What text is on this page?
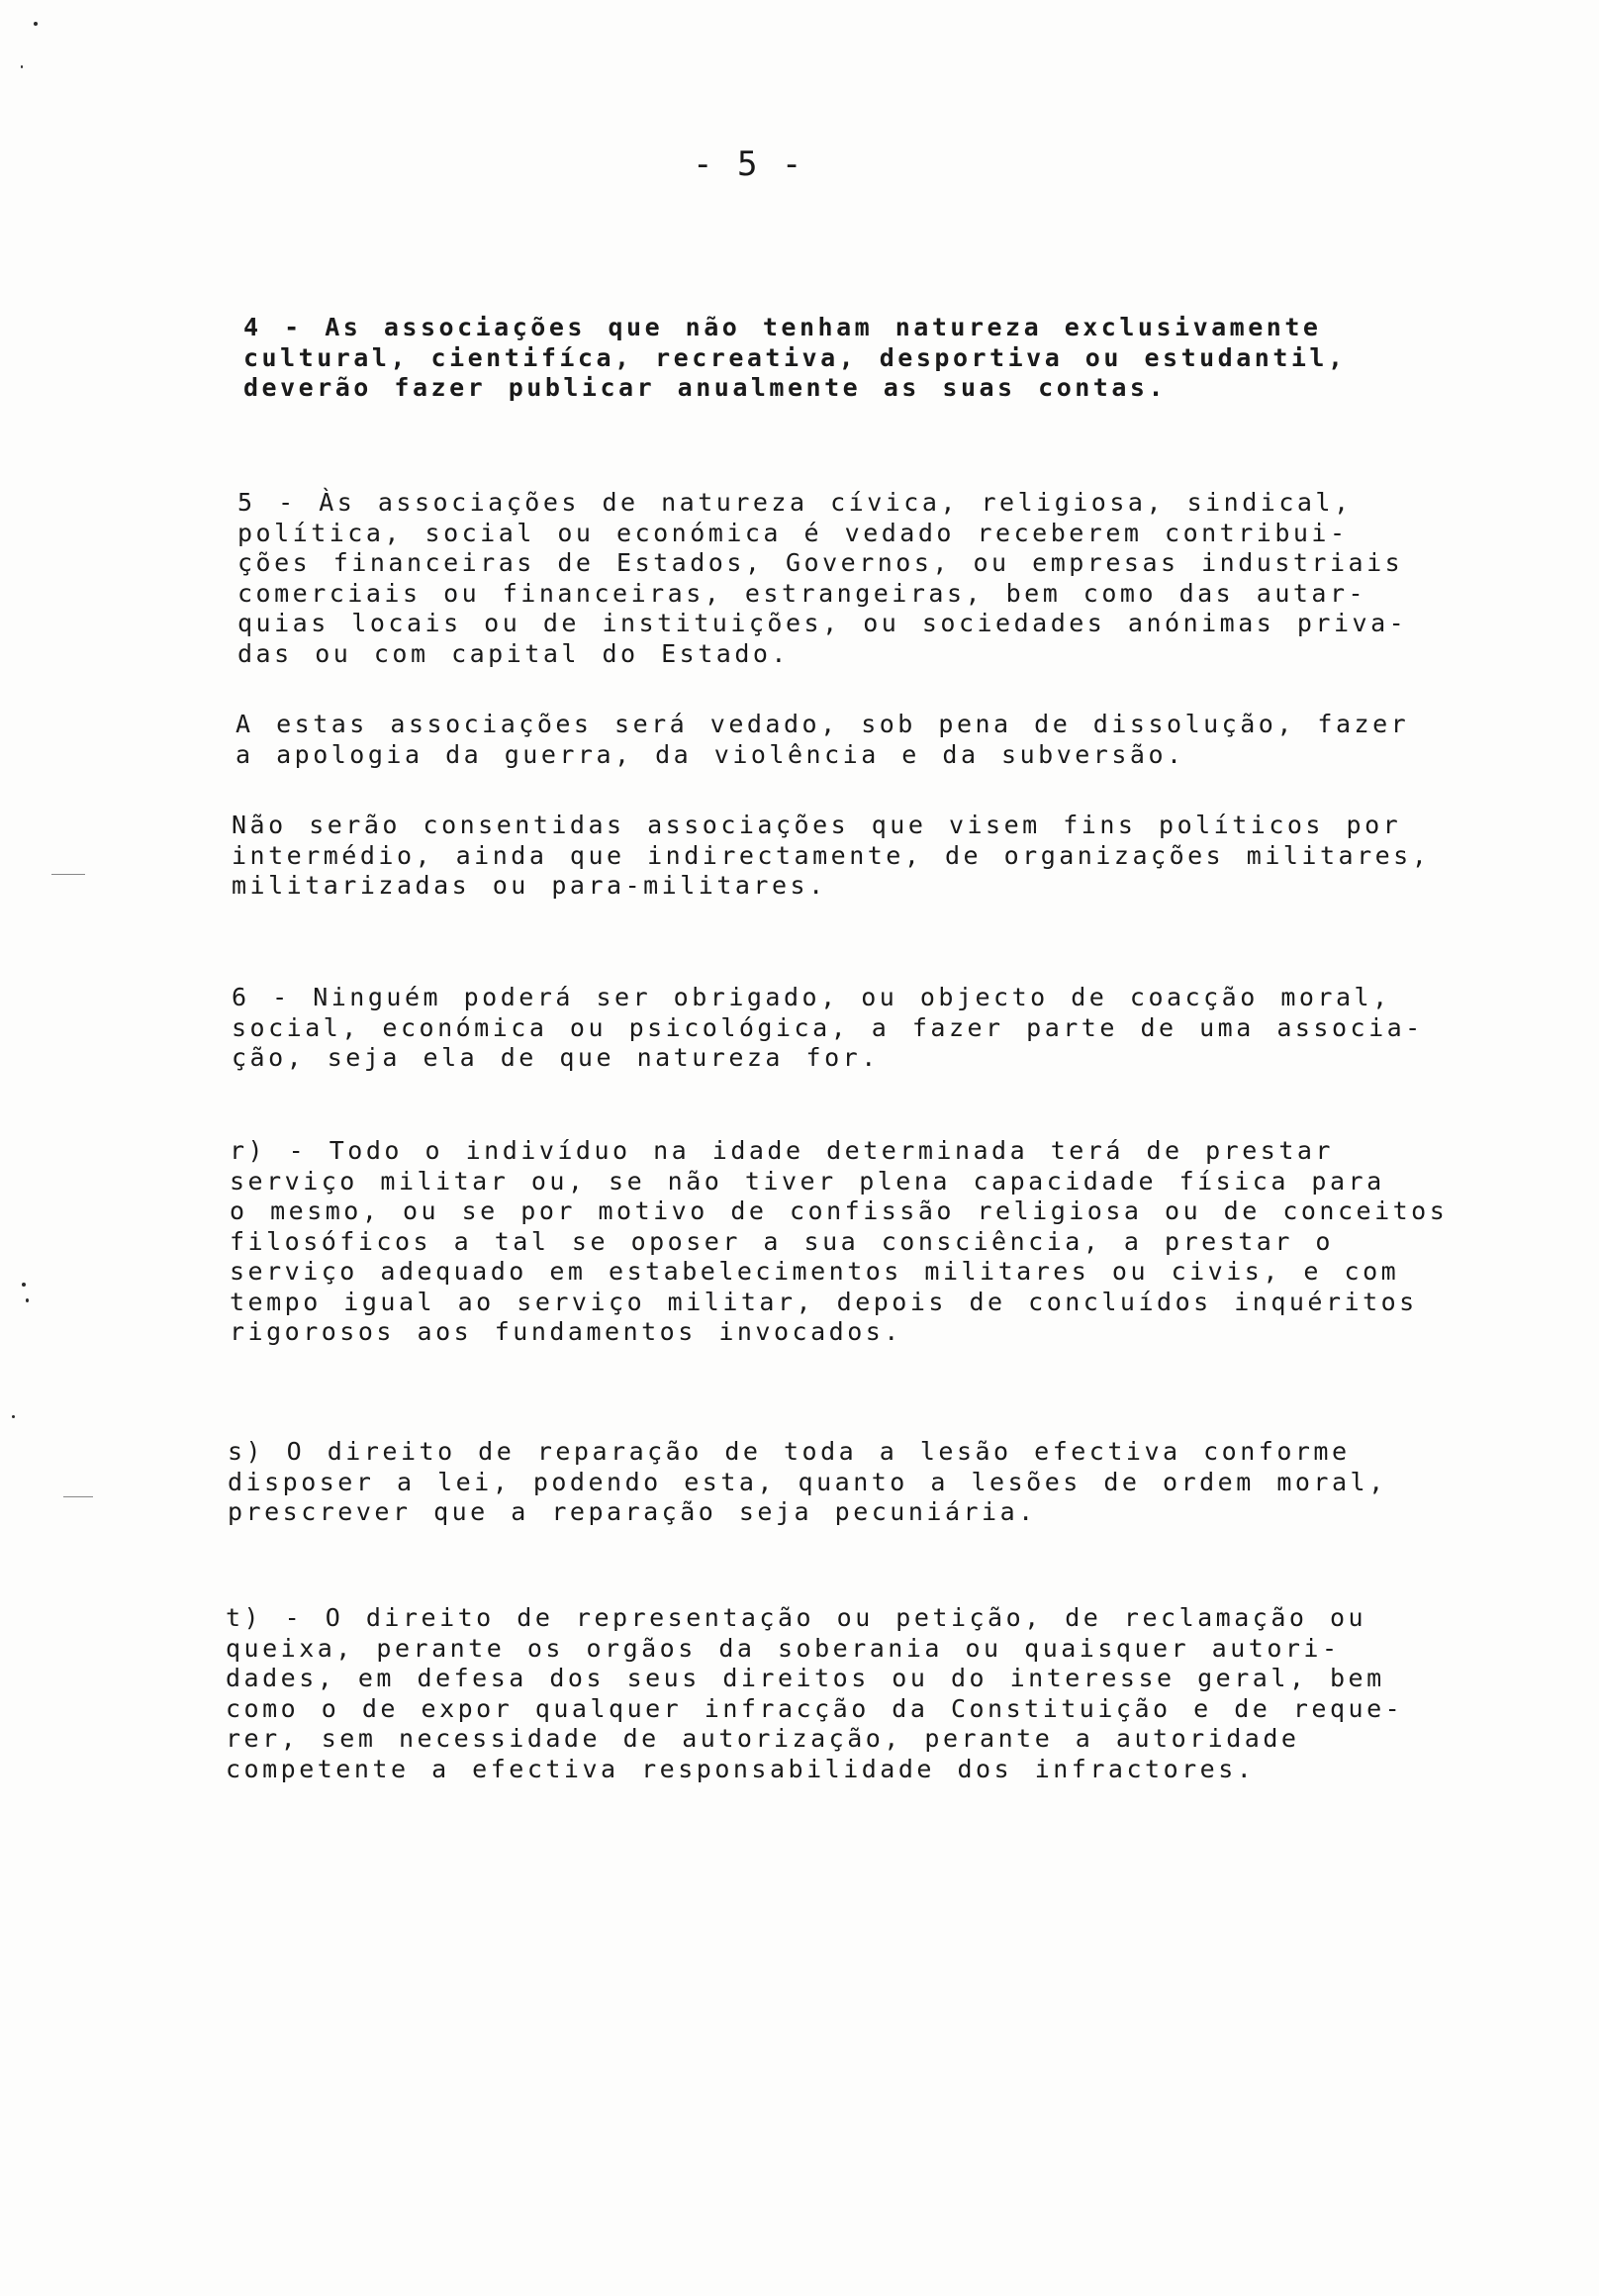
- 5 -

4 - As associações que não tenham natureza exclusivamente
cultural, cientifíca, recreativa, desportiva ou estudantil,
deverão fazer publicar anualmente as suas contas.

5 - Às associações de natureza cívica, religiosa, sindical,
política, social ou económica é vedado receberem contribui-
ções financeiras de Estados, Governos, ou empresas industriais
comerciais ou financeiras, estrangeiras, bem como das autar-
quias locais ou de instituições, ou sociedades anónimas priva-
das ou com capital do Estado.

A estas associações será vedado, sob pena de dissolução, fazer
a apologia da guerra, da violência e da subversão.

Não serão consentidas associações que visem fins políticos por
intermédio, ainda que indirectamente, de organizações militares,
militarizadas ou para-militares.

6 - Ninguém poderá ser obrigado, ou objecto de coacção moral,
social, económica ou psicológica, a fazer parte de uma associa-
ção, seja ela de que natureza for.

r) - Todo o indivíduo na idade determinada terá de prestar
serviço militar ou, se não tiver plena capacidade física para
o mesmo, ou se por motivo de confissão religiosa ou de conceitos
filosóficos a tal se oposer a sua consciência, a prestar o
serviço adequado em estabelecimentos militares ou civis, e com
tempo igual ao serviço militar, depois de concluídos inquéritos
rigorosos aos fundamentos invocados.

s) O direito de reparação de toda a lesão efectiva conforme
disposer a lei, podendo esta, quanto a lesões de ordem moral,
prescrever que a reparação seja pecuniária.

t) - O direito de representação ou petição, de reclamação ou
queixa, perante os orgãos da soberania ou quaisquer autori-
dades, em defesa dos seus direitos ou do interesse geral, bem
como o de expor qualquer infracção da Constituição e de reque-
rer, sem necessidade de autorização, perante a autoridade
competente a efectiva responsabilidade dos infractores.
